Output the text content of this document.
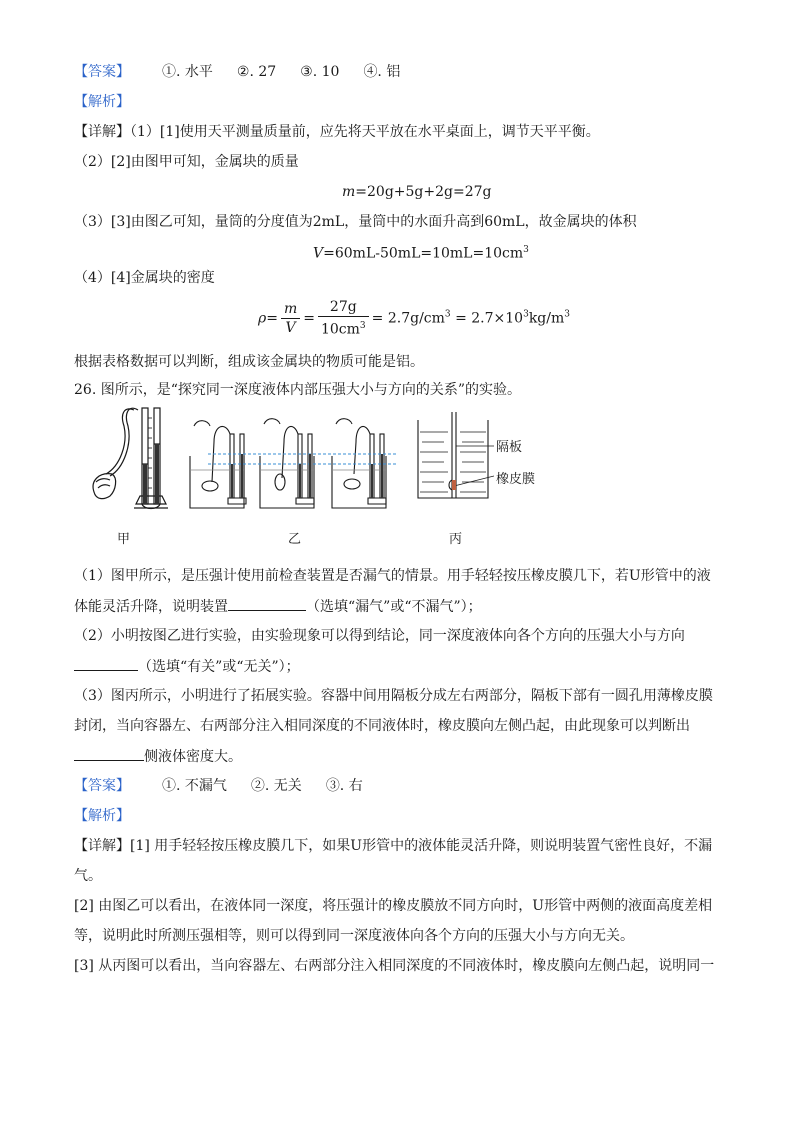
【答案】 ①. 水平 ②. 27 ③. 10 ④. 铝
【解析】
【详解】（1）[1]使用天平测量质量前，应先将天平放在水平桌面上，调节天平平衡。
（2）[2]由图甲可知，金属块的质量
m=20g+5g+2g=27g
（3）[3]由图乙可知，量筒的分度值为2mL，量筒中的水面升高到60mL，故金属块的体积
$V=60mL-50mL=10mL=10cm^3$
（4）[4]金属块的密度
$\rho= \frac{m}{V} = \frac{27g}{10cm^3} = 2.7g/cm^3 = 2.7\times 10^3kg/m^3$
根据表格数据可以判断，组成该金属块的物质可能是铝。
26. 图所示，是“探究同一深度液体内部压强大小与方向的关系”的实验。
甲	乙
隔板
橡皮膜
丙
（1）图甲所示，是压强计使用前检查装置是否漏气的情景。用手轻轻按压橡皮膜几下，若U形管中的液
体能灵活升降，说明装置	（选填“漏气”或“不漏气”）；
（2）小明按图乙进行实验，由实验现象可以得到结论，同一深度液体向各个方向的压强大小与方向
（选填“有关”或“无关”）；
（3）图丙所示，小明进行了拓展实验。容器中间用隔板分成左右两部分，隔板下部有一圆孔用薄橡皮膜
封闭，当向容器左、右两部分注入相同深度的不同液体时，橡皮膜向左侧凸起，由此现象可以判断出
侧液体密度大。
【答案】 ①. 不漏气 ②. 无关 ③. 右
【解析】
【详解】[1] 用手轻轻按压橡皮膜几下，如果U形管中的液体能灵活升降，则说明装置气密性良好，不漏
气。
[2] 由图乙可以看出，在液体同一深度，将压强计的橡皮膜放不同方向时，U形管中两侧的液面高度差相
等，说明此时所测压强相等，则可以得到同一深度液体向各个方向的压强大小与方向无关。
[3] 从丙图可以看出，当向容器左、右两部分注入相同深度的不同液体时，橡皮膜向左侧凸起，说明同一
